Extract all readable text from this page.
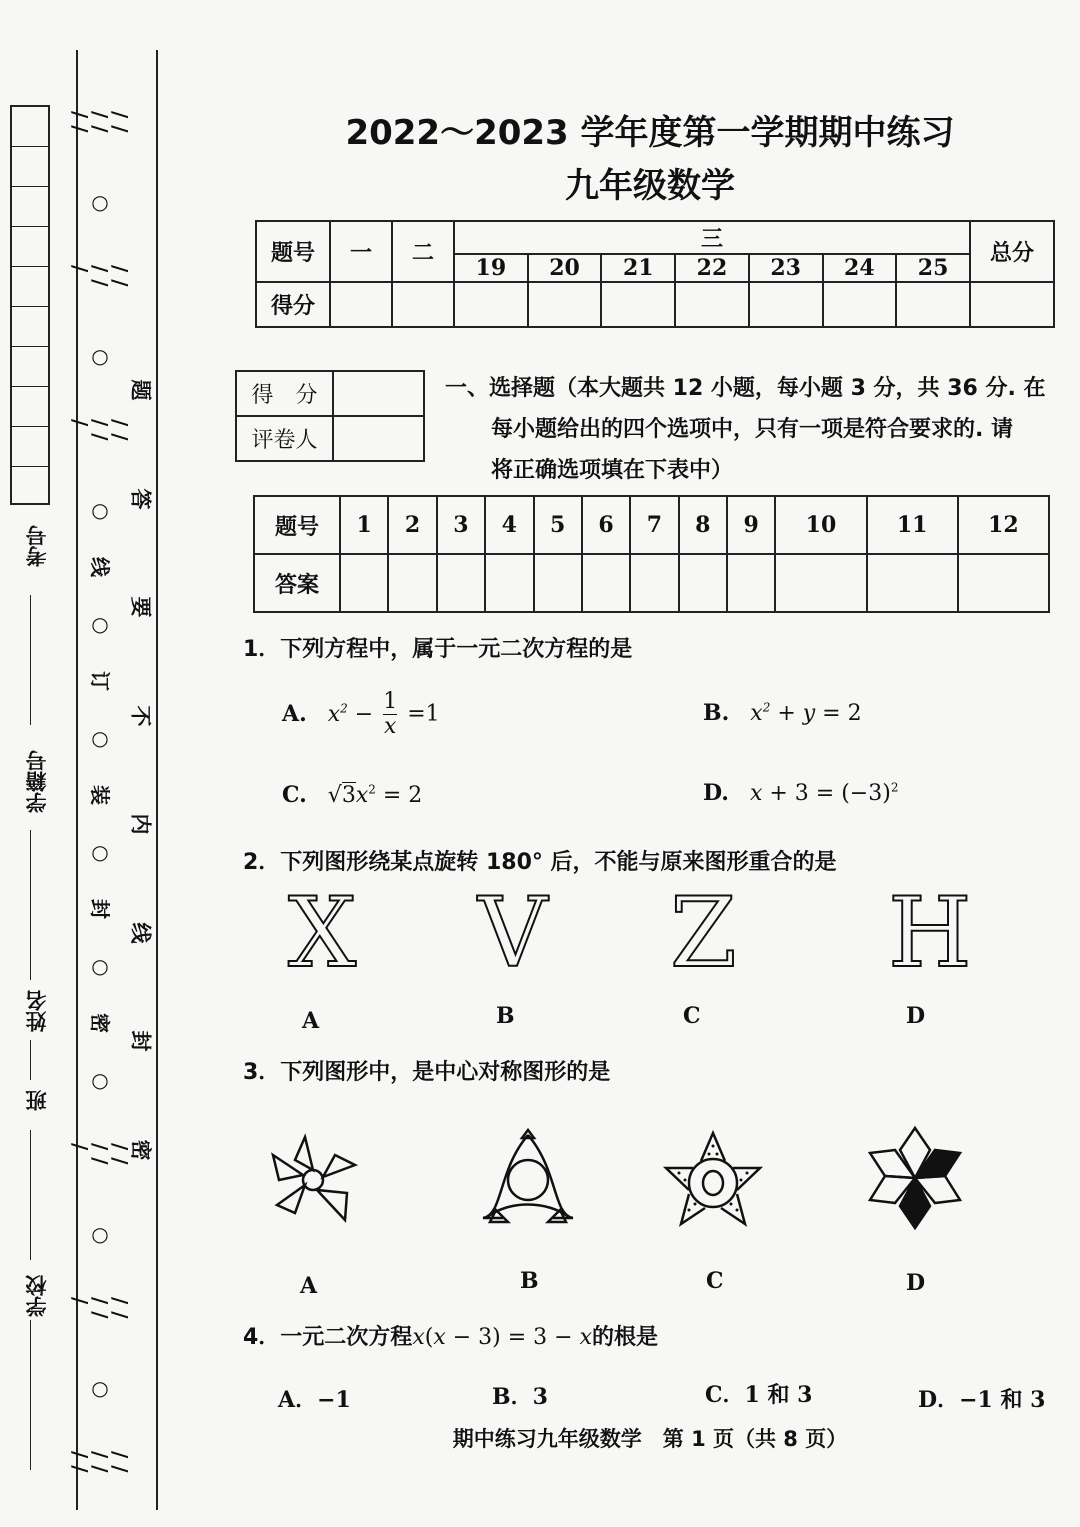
考号
学籍号
姓名
班
学校
/ / / / / /
○
/ / / / /
○
/ / / / /
○
线
○
订
○
装
○
封
○
密
○
/ / / / /
○
/ / / / /
○
/ / / / / /
题
答
要
不
内
线
封
密
2022～2023 学年度第一学期期中练习
九年级数学
题号	一	二	三							总分
			19	20	21	22	23	24	25	
得分										
得　分	
评卷人	
一、选择题（本大题共 12 小题，每小题 3 分，共 36 分. 在
每小题给出的四个选项中，只有一项是符合要求的. 请
将正确选项填在下表中）
题号	1	2	3	4	5	6	7	8	9	10	11	12
答案												
1．下列方程中，属于一元二次方程的是
A. $x^2 - \frac{1}{x} =1$	B. $x^2 + y = 2$
C. $√3x^2 = 2$	D. $x + 3 = (-3)^2$
2．下列图形绕某点旋转 180° 后，不能与原来图形重合的是
X V Z H
A	B	C	D
3．下列图形中，是中心对称图形的是
A	B	C	D
4．一元二次方程x(x − 3) = 3 − x的根是
A．−1	B．3	C．1 和 3	D．−1 和 3
期中练习九年级数学　第 1 页（共 8 页）
